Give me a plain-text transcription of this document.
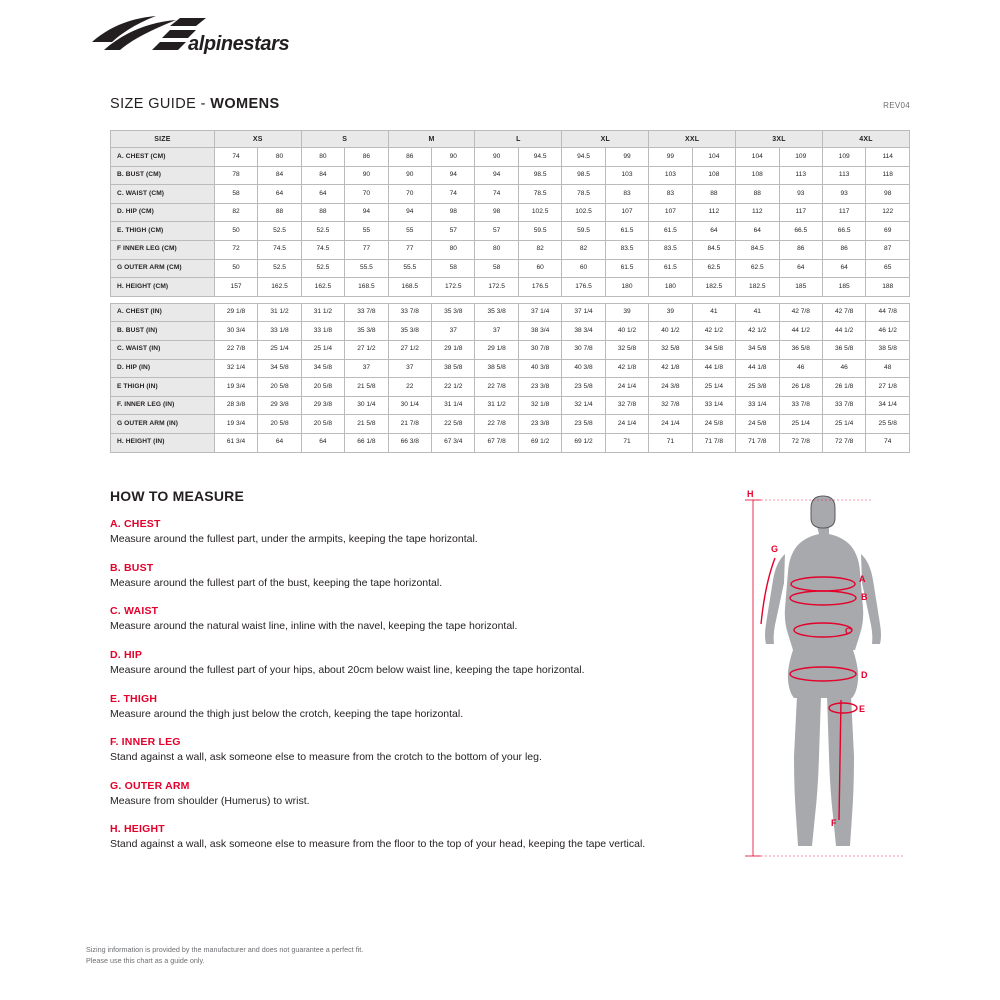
alpinestars
SIZE GUIDE - WOMENS	REV04
SIZE	XS		S		M		L		XL		XXL		3XL		4XL	
A. CHEST (CM)	74	80	80	86	86	90	90	94.5	94.5	99	99	104	104	109	109	114
B. BUST (CM)	78	84	84	90	90	94	94	98.5	98.5	103	103	108	108	113	113	118
C. WAIST (CM)	58	64	64	70	70	74	74	78.5	78.5	83	83	88	88	93	93	98
D. HIP (CM)	82	88	88	94	94	98	98	102.5	102.5	107	107	112	112	117	117	122
E. THIGH (CM)	50	52.5	52.5	55	55	57	57	59.5	59.5	61.5	61.5	64	64	66.5	66.5	69
F INNER LEG (CM)	72	74.5	74.5	77	77	80	80	82	82	83.5	83.5	84.5	84.5	86	86	87
G OUTER ARM (CM)	50	52.5	52.5	55.5	55.5	58	58	60	60	61.5	61.5	62.5	62.5	64	64	65
H. HEIGHT (CM)	157	162.5	162.5	168.5	168.5	172.5	172.5	176.5	176.5	180	180	182.5	182.5	185	185	188

A. CHEST (IN)	29 1/8	31 1/2	31 1/2	33 7/8	33 7/8	35 3/8	35 3/8	37 1/4	37 1/4	39	39	41	41	42 7/8	42 7/8	44 7/8
B. BUST (IN)	30 3/4	33 1/8	33 1/8	35 3/8	35 3/8	37	37	38 3/4	38 3/4	40 1/2	40 1/2	42 1/2	42 1/2	44 1/2	44 1/2	46 1/2
C. WAIST (IN)	22 7/8	25 1/4	25 1/4	27 1/2	27 1/2	29 1/8	29 1/8	30 7/8	30 7/8	32 5/8	32 5/8	34 5/8	34 5/8	36 5/8	36 5/8	38 5/8
D. HIP (IN)	32 1/4	34 5/8	34 5/8	37	37	38 5/8	38 5/8	40 3/8	40 3/8	42 1/8	42 1/8	44 1/8	44 1/8	46	46	48
E THIGH (IN)	19 3/4	20 5/8	20 5/8	21 5/8	22	22 1/2	22 7/8	23 3/8	23 5/8	24 1/4	24 3/8	25 1/4	25 3/8	26 1/8	26 1/8	27 1/8
F. INNER LEG (IN)	28 3/8	29 3/8	29 3/8	30 1/4	30 1/4	31 1/4	31 1/2	32 1/8	32 1/4	32 7/8	32 7/8	33 1/4	33 1/4	33 7/8	33 7/8	34 1/4
G OUTER ARM (IN)	19 3/4	20 5/8	20 5/8	21 5/8	21 7/8	22 5/8	22 7/8	23 3/8	23 5/8	24 1/4	24 1/4	24 5/8	24 5/8	25 1/4	25 1/4	25 5/8
H. HEIGHT (IN)	61 3/4	64	64	66 1/8	66 3/8	67 3/4	67 7/8	69 1/2	69 1/2	71	71	71 7/8	71 7/8	72 7/8	72 7/8	74
HOW TO MEASURE
A. CHEST
Measure around the fullest part, under the armpits, keeping the tape horizontal.
B. BUST
Measure around the fullest part of the bust, keeping the tape horizontal.
C. WAIST
Measure around the natural waist line, inline with the navel, keeping the tape horizontal.
D. HIP
Measure around the fullest part of your hips, about 20cm below waist line, keeping the tape horizontal.
E. THIGH
Measure around the thigh just below the crotch, keeping the tape horizontal.
F. INNER LEG
Stand against a wall, ask someone else to measure from the crotch to the bottom of your leg.
G. OUTER ARM
Measure from shoulder (Humerus) to wrist.
H. HEIGHT
Stand against a wall, ask someone else to measure from the floor to the top of your head, keeping the tape vertical.
H
G
A
B
C
D
E
F
Sizing information is provided by the manufacturer and does not guarantee a perfect fit.
Please use this chart as a guide only.
